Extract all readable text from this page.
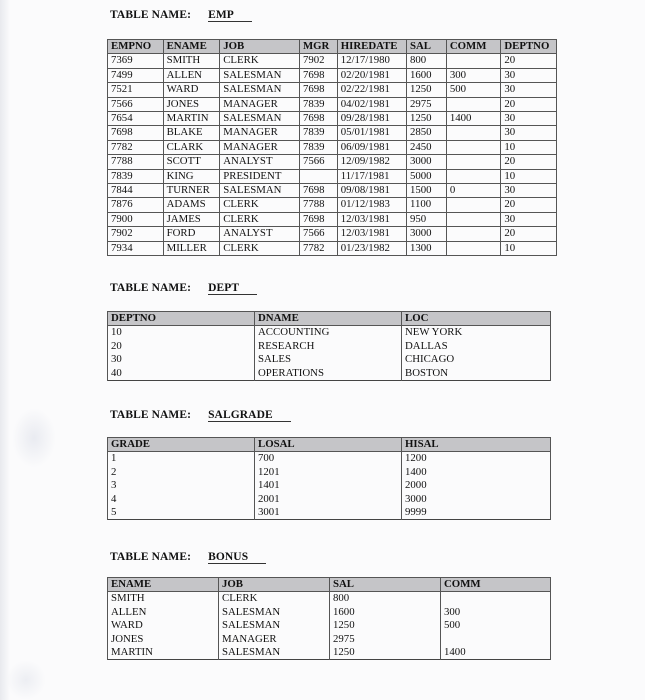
TABLE NAME: EMP
EMPNO	ENAME	JOB	MGR	HIREDATE	SAL	COMM	DEPTNO
7369	SMITH	CLERK	7902	12/17/1980	800		20
7499	ALLEN	SALESMAN	7698	02/20/1981	1600	300	30
7521	WARD	SALESMAN	7698	02/22/1981	1250	500	30
7566	JONES	MANAGER	7839	04/02/1981	2975		20
7654	MARTIN	SALESMAN	7698	09/28/1981	1250	1400	30
7698	BLAKE	MANAGER	7839	05/01/1981	2850		30
7782	CLARK	MANAGER	7839	06/09/1981	2450		10
7788	SCOTT	ANALYST	7566	12/09/1982	3000		20
7839	KING	PRESIDENT		11/17/1981	5000		10
7844	TURNER	SALESMAN	7698	09/08/1981	1500	0	30
7876	ADAMS	CLERK	7788	01/12/1983	1100		20
7900	JAMES	CLERK	7698	12/03/1981	950		30
7902	FORD	ANALYST	7566	12/03/1981	3000		20
7934	MILLER	CLERK	7782	01/23/1982	1300		10
TABLE NAME: DEPT
DEPTNO	DNAME	LOC
10	ACCOUNTING	NEW YORK
20	RESEARCH	DALLAS
30	SALES	CHICAGO
40	OPERATIONS	BOSTON
TABLE NAME: SALGRADE
GRADE	LOSAL	HISAL
1	700	1200
2	1201	1400
3	1401	2000
4	2001	3000
5	3001	9999
TABLE NAME: BONUS
ENAME	JOB	SAL	COMM
SMITH	CLERK	800	
ALLEN	SALESMAN	1600	300
WARD	SALESMAN	1250	500
JONES	MANAGER	2975	
MARTIN	SALESMAN	1250	1400
